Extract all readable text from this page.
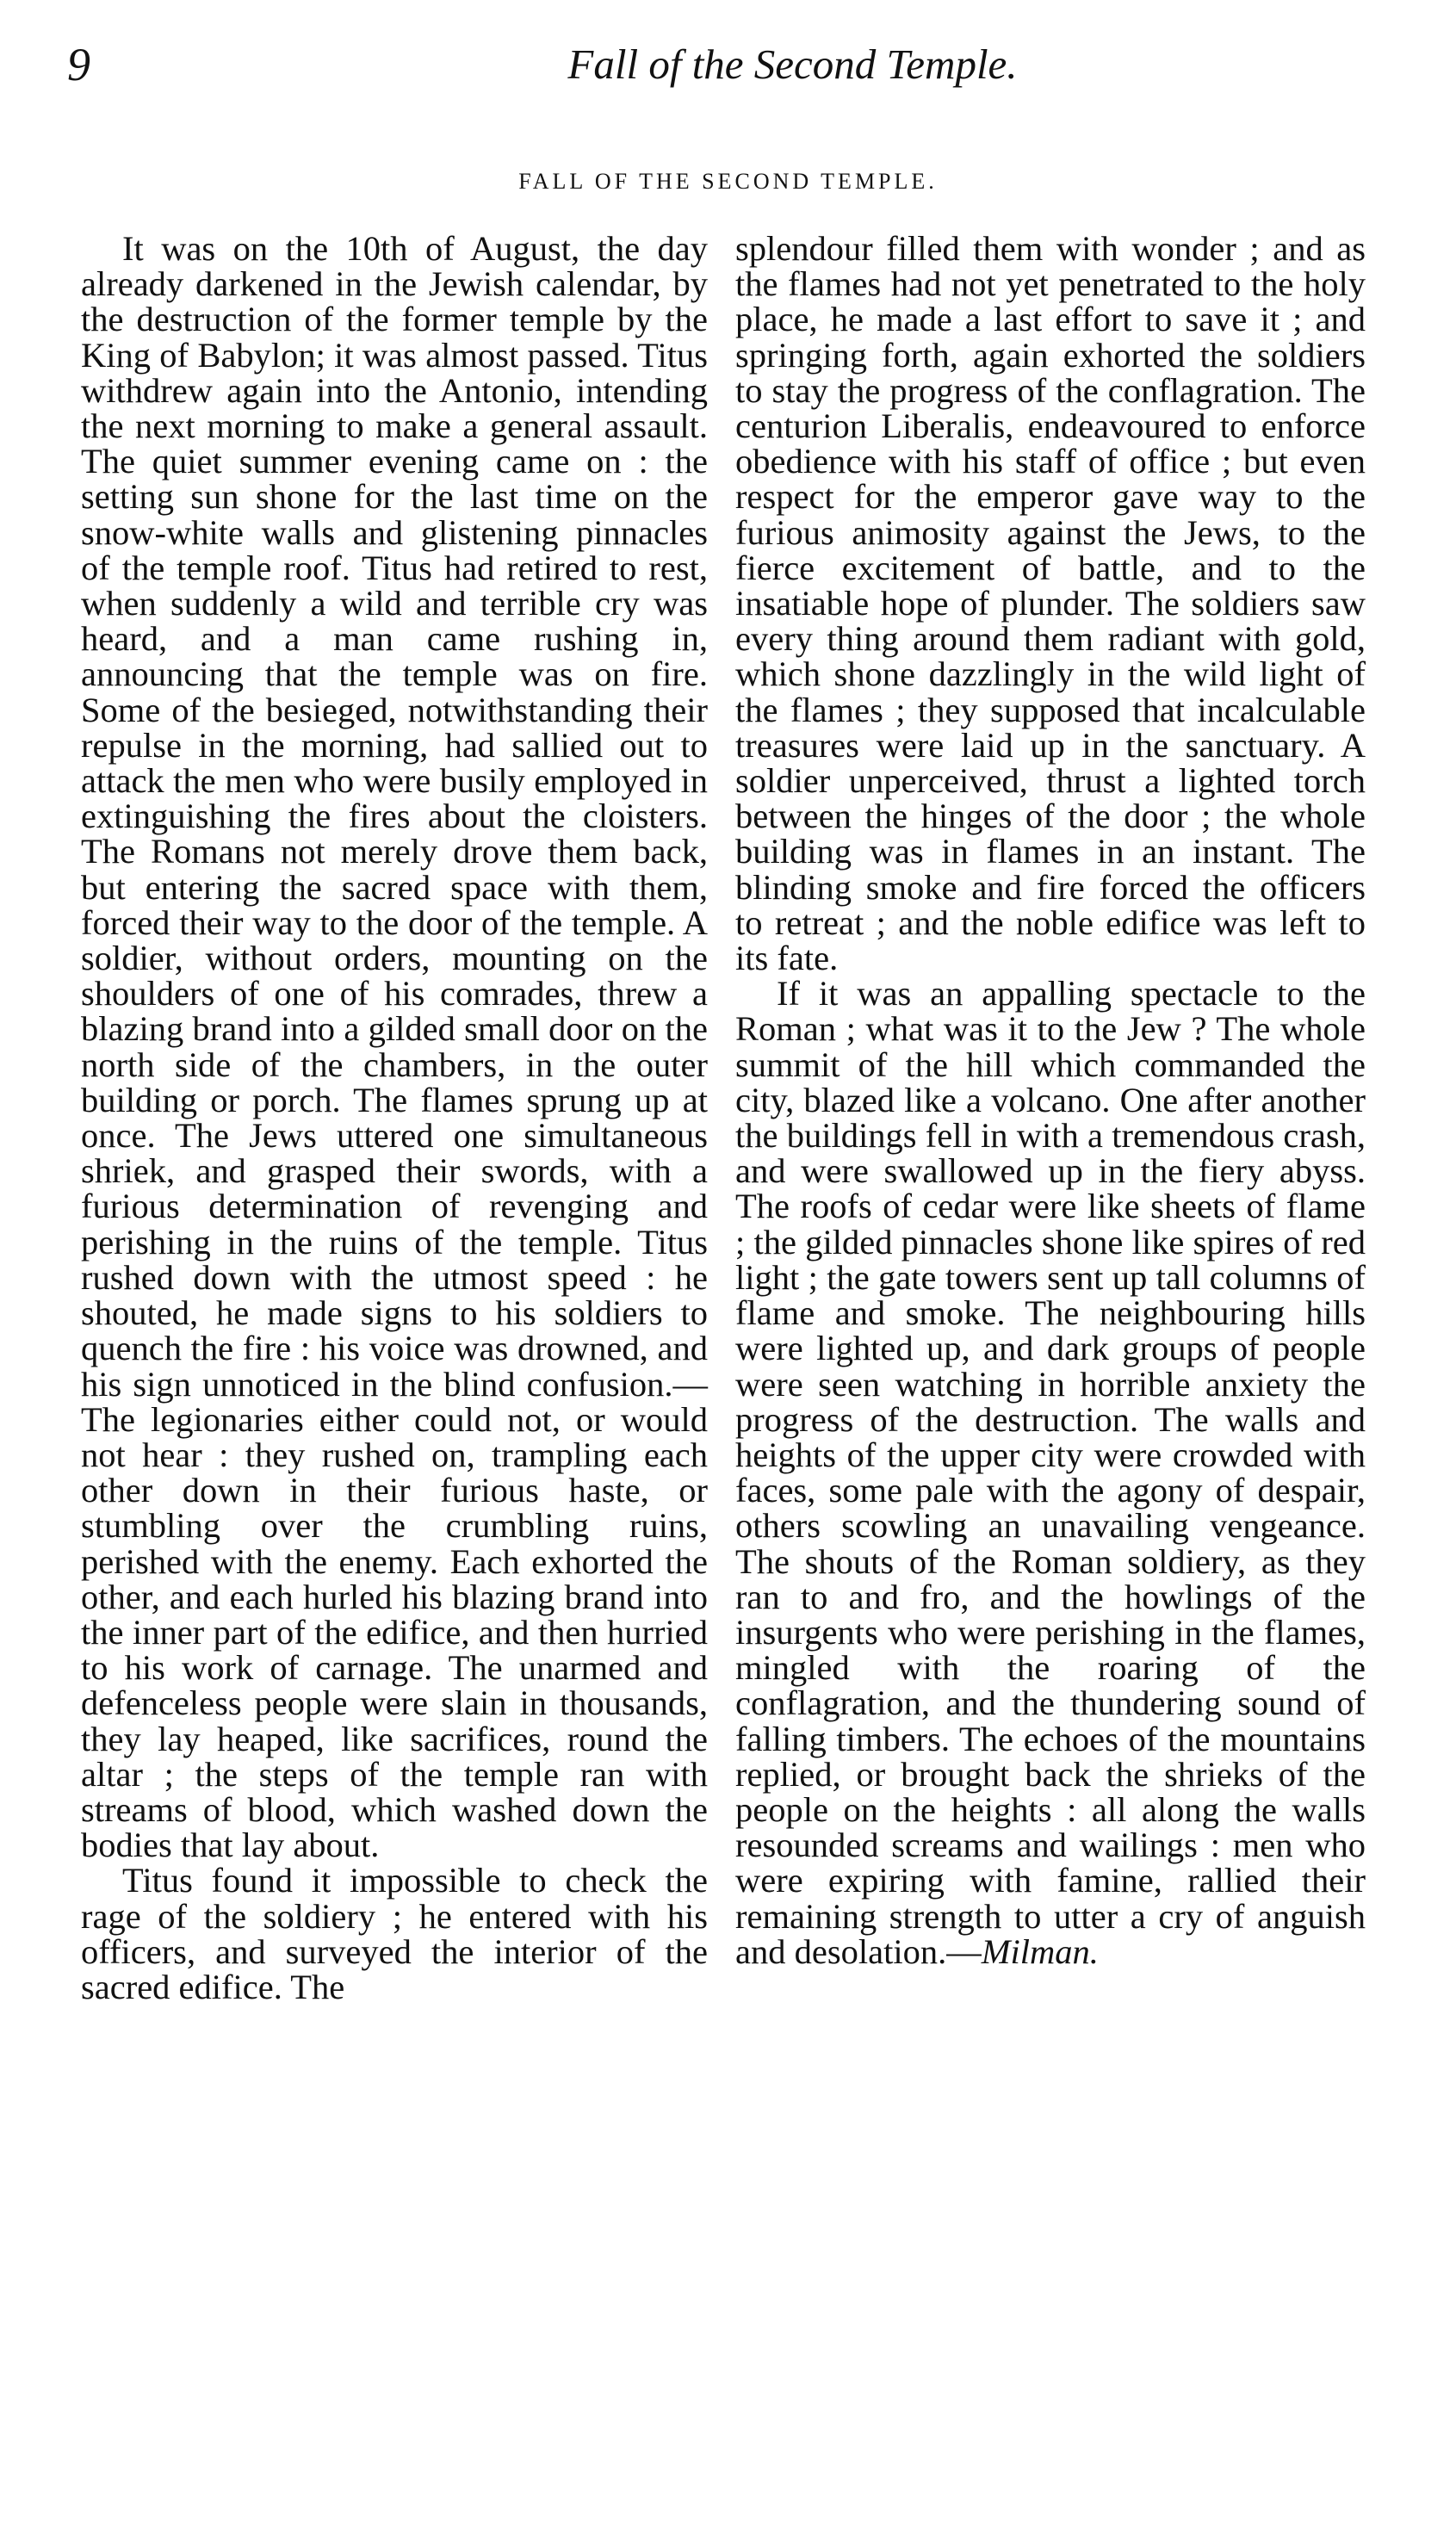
9	Fall of the Second Temple.
FALL OF THE SECOND TEMPLE.

It was on the 10th of August, the day already darkened in the Jewish calendar, by the destruction of the former temple by the King of Babylon; it was almost passed. Titus withdrew again into the Antonio, intending the next morning to make a general assault. The quiet summer evening came on : the setting sun shone for the last time on the snow-white walls and glistening pinnacles of the temple roof. Titus had retired to rest, when suddenly a wild and terrible cry was heard, and a man came rushing in, announcing that the temple was on fire. Some of the besieged, notwithstanding their repulse in the morning, had sallied out to attack the men who were busily employed in extinguishing the fires about the cloisters. The Romans not merely drove them back, but entering the sacred space with them, forced their way to the door of the temple. A soldier, without orders, mounting on the shoulders of one of his comrades, threw a blazing brand into a gilded small door on the north side of the chambers, in the outer building or porch. The flames sprung up at once. The Jews uttered one simultaneous shriek, and grasped their swords, with a furious determination of revenging and perishing in the ruins of the temple. Titus rushed down with the utmost speed : he shouted, he made signs to his soldiers to quench the fire : his voice was drowned, and his sign unnoticed in the blind confusion.— The legionaries either could not, or would not hear : they rushed on, trampling each other down in their furious haste, or stumbling over the crumbling ruins, perished with the enemy. Each exhorted the other, and each hurled his blazing brand into the inner part of the edifice, and then hurried to his work of carnage. The unarmed and defenceless people were slain in thousands, they lay heaped, like sacrifices, round the altar ; the steps of the temple ran with streams of blood, which washed down the bodies that lay about.

Titus found it impossible to check the rage of the soldiery ; he entered with his officers, and surveyed the interior of the sacred edifice. The

splendour filled them with wonder ; and as the flames had not yet penetrated to the holy place, he made a last effort to save it ; and springing forth, again exhorted the soldiers to stay the progress of the conflagration. The centurion Liberalis, endeavoured to enforce obedience with his staff of office ; but even respect for the emperor gave way to the furious animosity against the Jews, to the fierce excitement of battle, and to the insatiable hope of plunder. The soldiers saw every thing around them radiant with gold, which shone dazzlingly in the wild light of the flames ; they supposed that incalculable treasures were laid up in the sanctuary. A soldier unperceived, thrust a lighted torch between the hinges of the door ; the whole building was in flames in an instant. The blinding smoke and fire forced the officers to retreat ; and the noble edifice was left to its fate.

If it was an appalling spectacle to the Roman ; what was it to the Jew ? The whole summit of the hill which commanded the city, blazed like a volcano. One after another the buildings fell in with a tremendous crash, and were swallowed up in the fiery abyss. The roofs of cedar were like sheets of flame ; the gilded pinnacles shone like spires of red light ; the gate towers sent up tall columns of flame and smoke. The neighbouring hills were lighted up, and dark groups of people were seen watching in horrible anxiety the progress of the destruction. The walls and heights of the upper city were crowded with faces, some pale with the agony of despair, others scowling an unavailing vengeance. The shouts of the Roman soldiery, as they ran to and fro, and the howlings of the insurgents who were perishing in the flames, mingled with the roaring of the conflagration, and the thundering sound of falling timbers. The echoes of the mountains replied, or brought back the shrieks of the people on the heights : all along the walls resounded screams and wailings : men who were expiring with famine, rallied their remaining strength to utter a cry of anguish and desolation.—Milman.
